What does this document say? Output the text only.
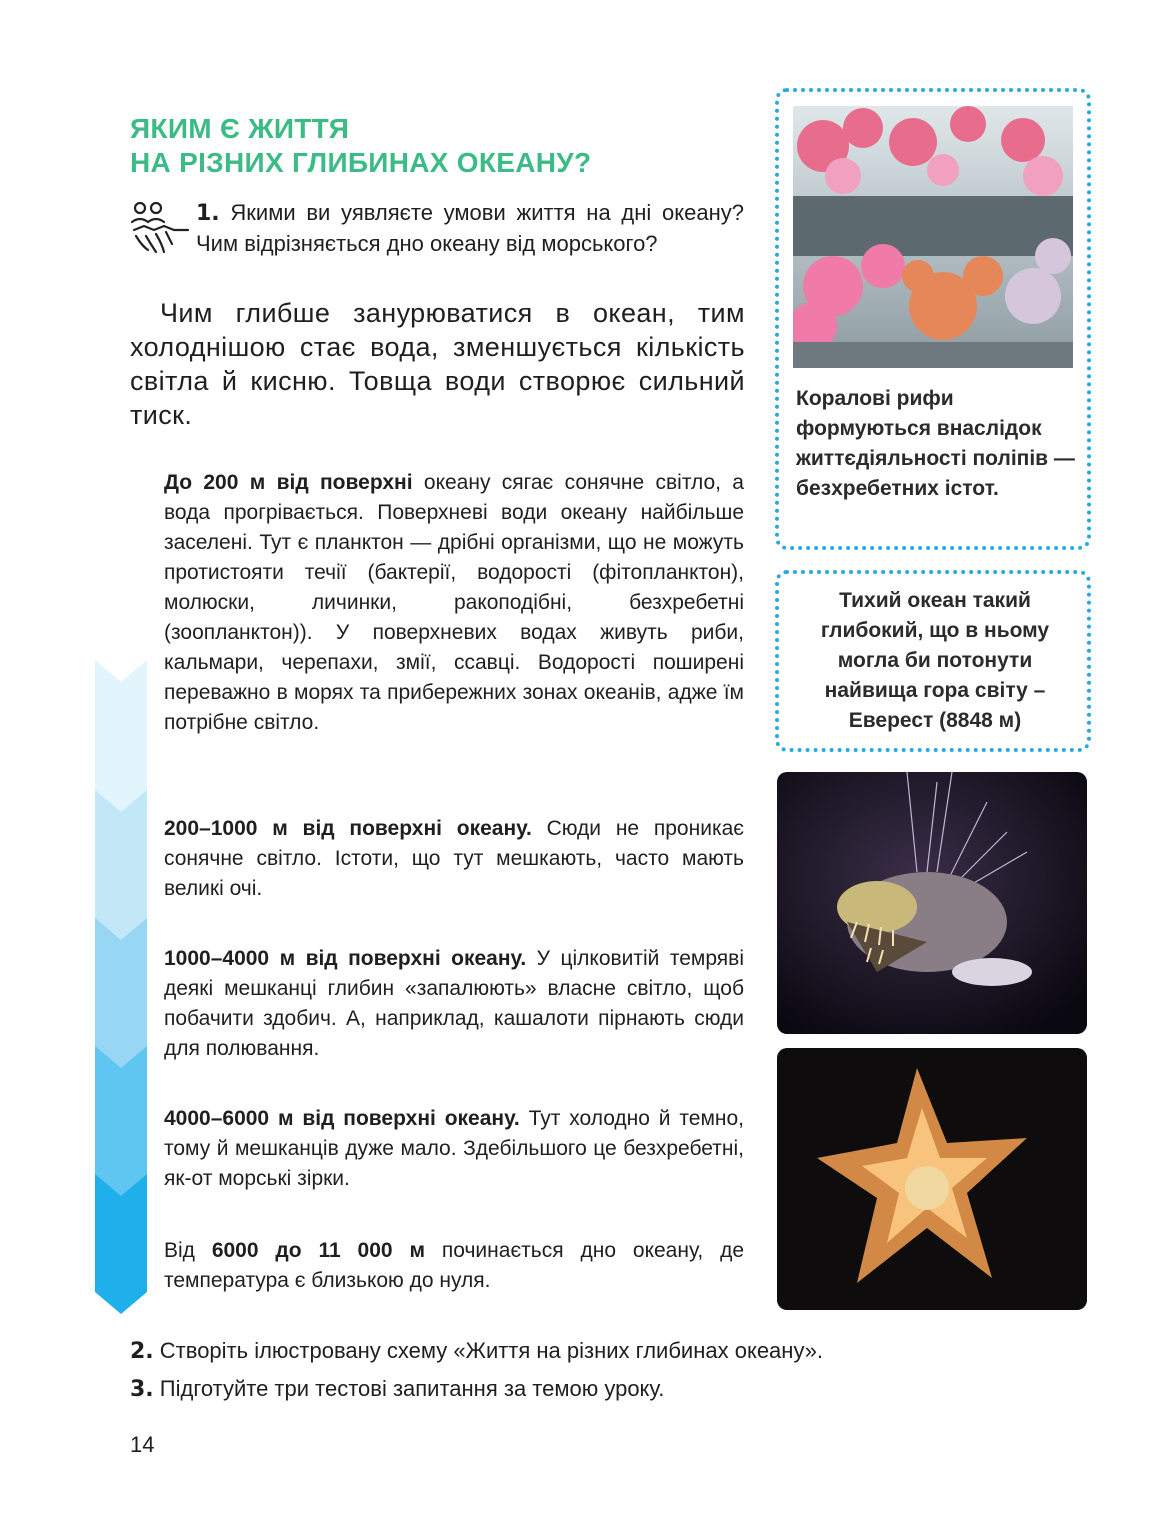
ЯКИМ Є ЖИТТЯ
НА РІЗНИХ ГЛИБИНАХ ОКЕАНУ?
1. Якими ви уявляєте умови життя на дні океану? Чим відрізняється дно океану від морського?
Чим глибше занурюватися в океан, тим холоднішою стає вода, зменшується кількість світла й кисню. Товща води створює сильний тиск.
До 200 м від поверхні океану сягає сонячне світло, а вода прогрівається. Поверхневі води океану найбільше заселені. Тут є планктон — дрібні організми, що не можуть протистояти течії (бактерії, водорості (фітопланктон), молюски, личинки, ракоподібні, безхребетні (зоопланктон)). У поверхневих водах живуть риби, кальмари, черепахи, змії, ссавці. Водорості поширені переважно в морях та прибережних зонах океанів, адже їм потрібне світло.
200–1000 м від поверхні океану. Сюди не проникає сонячне світло. Істоти, що тут мешкають, часто мають великі очі.
1000–4000 м від поверхні океану. У цілковитій темряві деякі мешканці глибин «запалюють» власне світло, щоб побачити здобич. А, наприклад, кашалоти пірнають сюди для полювання.
4000–6000 м від поверхні океану. Тут холодно й темно, тому й мешканців дуже мало. Здебільшого це безхребетні, як-от морські зірки.
Від 6000 до 11 000 м починається дно океану, де температура є близькою до нуля.
Коралові рифи формуються внаслідок життєдіяльності поліпів — безхребетних істот.
Тихий океан такий глибокий, що в ньому могла би потонути найвища гора світу – Еверест (8848 м)
2. Створіть ілюстровану схему «Життя на різних глибинах океану».
3. Підготуйте три тестові запитання за темою уроку.
14
